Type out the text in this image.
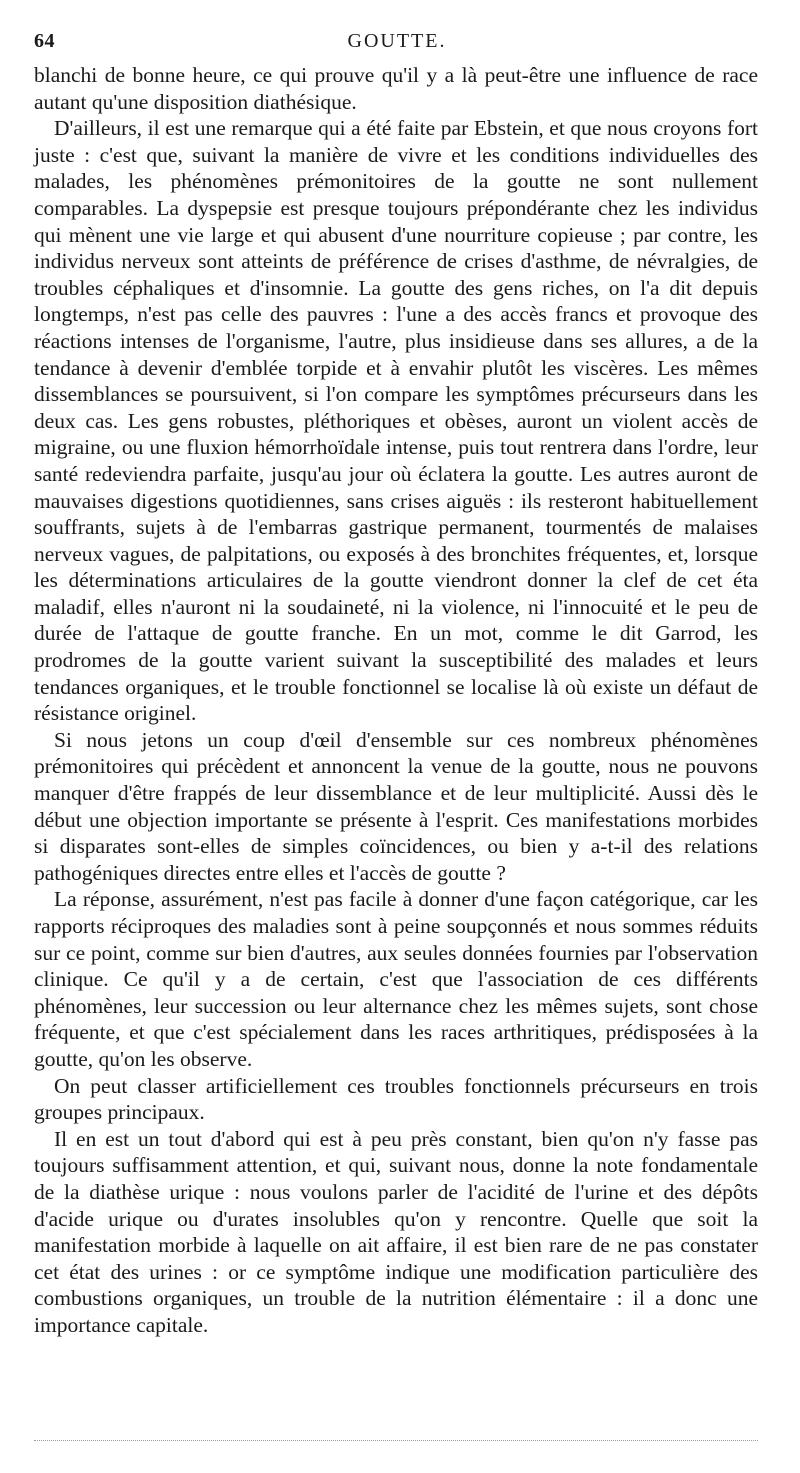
64	GOUTTE.

blanchi de bonne heure, ce qui prouve qu'il y a là peut-être une influence de race autant qu'une disposition diathésique.

D'ailleurs, il est une remarque qui a été faite par Ebstein, et que nous croyons fort juste : c'est que, suivant la manière de vivre et les conditions individuelles des malades, les phénomènes prémonitoires de la goutte ne sont nullement comparables. La dyspepsie est presque toujours prépondérante chez les individus qui mènent une vie large et qui abusent d'une nourriture copieuse ; par contre, les individus nerveux sont atteints de préférence de crises d'asthme, de névralgies, de troubles céphaliques et d'insomnie. La goutte des gens riches, on l'a dit depuis longtemps, n'est pas celle des pauvres : l'une a des accès francs et provoque des réactions intenses de l'organisme, l'autre, plus insidieuse dans ses allures, a de la tendance à devenir d'emblée torpide et à envahir plutôt les viscères. Les mêmes dissemblances se poursuivent, si l'on compare les symptômes précurseurs dans les deux cas. Les gens robustes, pléthoriques et obèses, auront un violent accès de migraine, ou une fluxion hémorrhoïdale intense, puis tout rentrera dans l'ordre, leur santé redeviendra parfaite, jusqu'au jour où éclatera la goutte. Les autres auront de mauvaises digestions quotidiennes, sans crises aiguës : ils resteront habituellement souffrants, sujets à de l'embarras gastrique permanent, tourmentés de malaises nerveux vagues, de palpitations, ou exposés à des bronchites fréquentes, et, lorsque les déterminations articulaires de la goutte viendront donner la clef de cet éta maladif, elles n'auront ni la soudaineté, ni la violence, ni l'innocuité et le peu de durée de l'attaque de goutte franche. En un mot, comme le dit Garrod, les prodromes de la goutte varient suivant la susceptibilité des malades et leurs tendances organiques, et le trouble fonctionnel se localise là où existe un défaut de résistance originel.

Si nous jetons un coup d'œil d'ensemble sur ces nombreux phénomènes prémonitoires qui précèdent et annoncent la venue de la goutte, nous ne pouvons manquer d'être frappés de leur dissemblance et de leur multiplicité. Aussi dès le début une objection importante se présente à l'esprit. Ces manifestations morbides si disparates sont-elles de simples coïncidences, ou bien y a-t-il des relations pathogéniques directes entre elles et l'accès de goutte ?

La réponse, assurément, n'est pas facile à donner d'une façon catégorique, car les rapports réciproques des maladies sont à peine soupçonnés et nous sommes réduits sur ce point, comme sur bien d'autres, aux seules données fournies par l'observation clinique. Ce qu'il y a de certain, c'est que l'association de ces différents phénomènes, leur succession ou leur alternance chez les mêmes sujets, sont chose fréquente, et que c'est spécialement dans les races arthritiques, prédisposées à la goutte, qu'on les observe.

On peut classer artificiellement ces troubles fonctionnels précurseurs en trois groupes principaux.

Il en est un tout d'abord qui est à peu près constant, bien qu'on n'y fasse pas toujours suffisamment attention, et qui, suivant nous, donne la note fondamentale de la diathèse urique : nous voulons parler de l'acidité de l'urine et des dépôts d'acide urique ou d'urates insolubles qu'on y rencontre. Quelle que soit la manifestation morbide à laquelle on ait affaire, il est bien rare de ne pas constater cet état des urines : or ce symptôme indique une modification particulière des combustions organiques, un trouble de la nutrition élémentaire : il a donc une importance capitale.
